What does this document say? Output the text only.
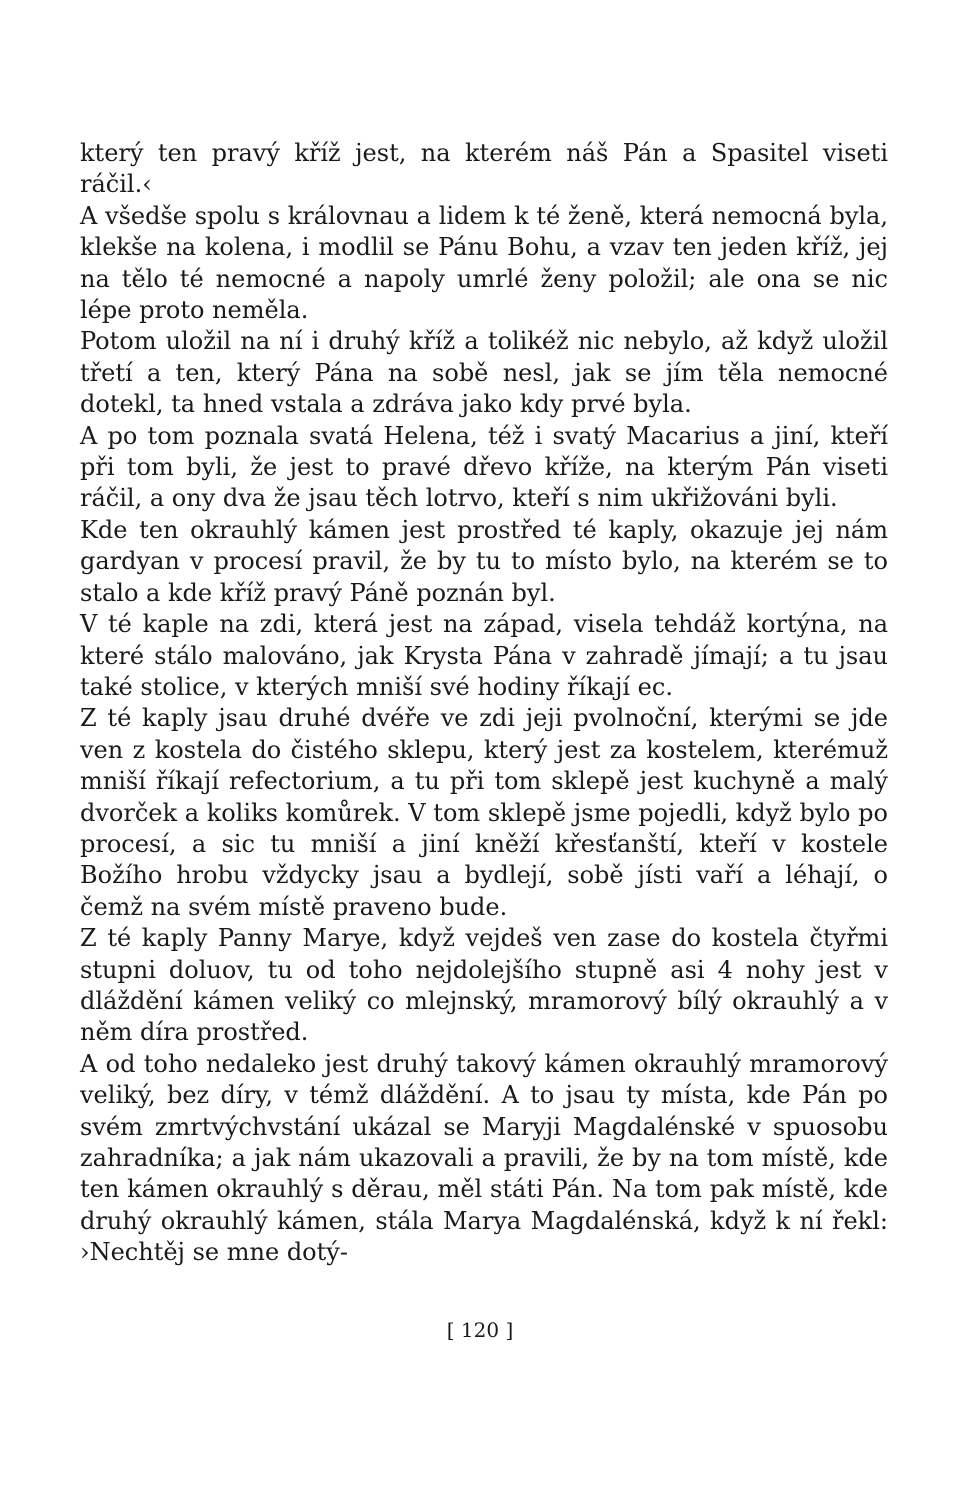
který ten pravý kříž jest, na kterém náš Pán a Spasitel viseti ráčil.‹

A všedše spolu s královnau a lidem k té ženě, která nemocná byla, klekše na kolena, i modlil se Pánu Bohu, a vzav ten jeden kříž, jej na tělo té nemocné a napoly umrlé ženy položil; ale ona se nic lépe proto neměla.

Potom uložil na ní i druhý kříž a tolikéž nic nebylo, až když uložil třetí a ten, který Pána na sobě nesl, jak se jím těla nemocné dotekl, ta hned vstala a zdráva jako kdy prvé byla.

A po tom poznala svatá Helena, též i svatý Macarius a jiní, kteří při tom byli, že jest to pravé dřevo kříže, na kterým Pán viseti ráčil, a ony dva že jsau těch lotrvo, kteří s nim ukřižováni byli.

Kde ten okrauhlý kámen jest prostřed té kaply, okazuje jej nám gardyan v procesí pravil, že by tu to místo bylo, na kterém se to stalo a kde kříž pravý Páně poznán byl.

V té kaple na zdi, která jest na západ, visela tehdáž kortýna, na které stálo malováno, jak Krysta Pána v zahradě jímají; a tu jsau také stolice, v kterých mniší své hodiny říkají ec.

Z té kaply jsau druhé dvéře ve zdi jeji pvolnoční, kterými se jde ven z kostela do čistého sklepu, který jest za kostelem, kterémuž mniší říkají refectorium, a tu při tom sklepě jest kuchyně a malý dvorček a koliks komůrek. V tom sklepě jsme pojedli, když bylo po procesí, a sic tu mniší a jiní kněží křesťanští, kteří v kostele Božího hrobu vždycky jsau a bydlejí, sobě jísti vaří a léhají, o čemž na svém místě praveno bude.

Z té kaply Panny Marye, když vejdeš ven zase do kostela čtyřmi stupni doluov, tu od toho nejdolejšího stupně asi 4 nohy jest v dláždění kámen veliký co mlejnský, mramorový bílý okrauhlý a v něm díra prostřed.

A od toho nedaleko jest druhý takový kámen okrauhlý mramorový veliký, bez díry, v témž dláždění. A to jsau ty místa, kde Pán po svém zmrtvýchvstání ukázal se Maryji Magdalénské v spuosobu zahradníka; a jak nám ukazovali a pravili, že by na tom místě, kde ten kámen okrauhlý s děrau, měl státi Pán. Na tom pak místě, kde druhý okrauhlý kámen, stála Marya Magdalénská, když k ní řekl: ›Nechtěj se mne dotý-

[ 120 ]
